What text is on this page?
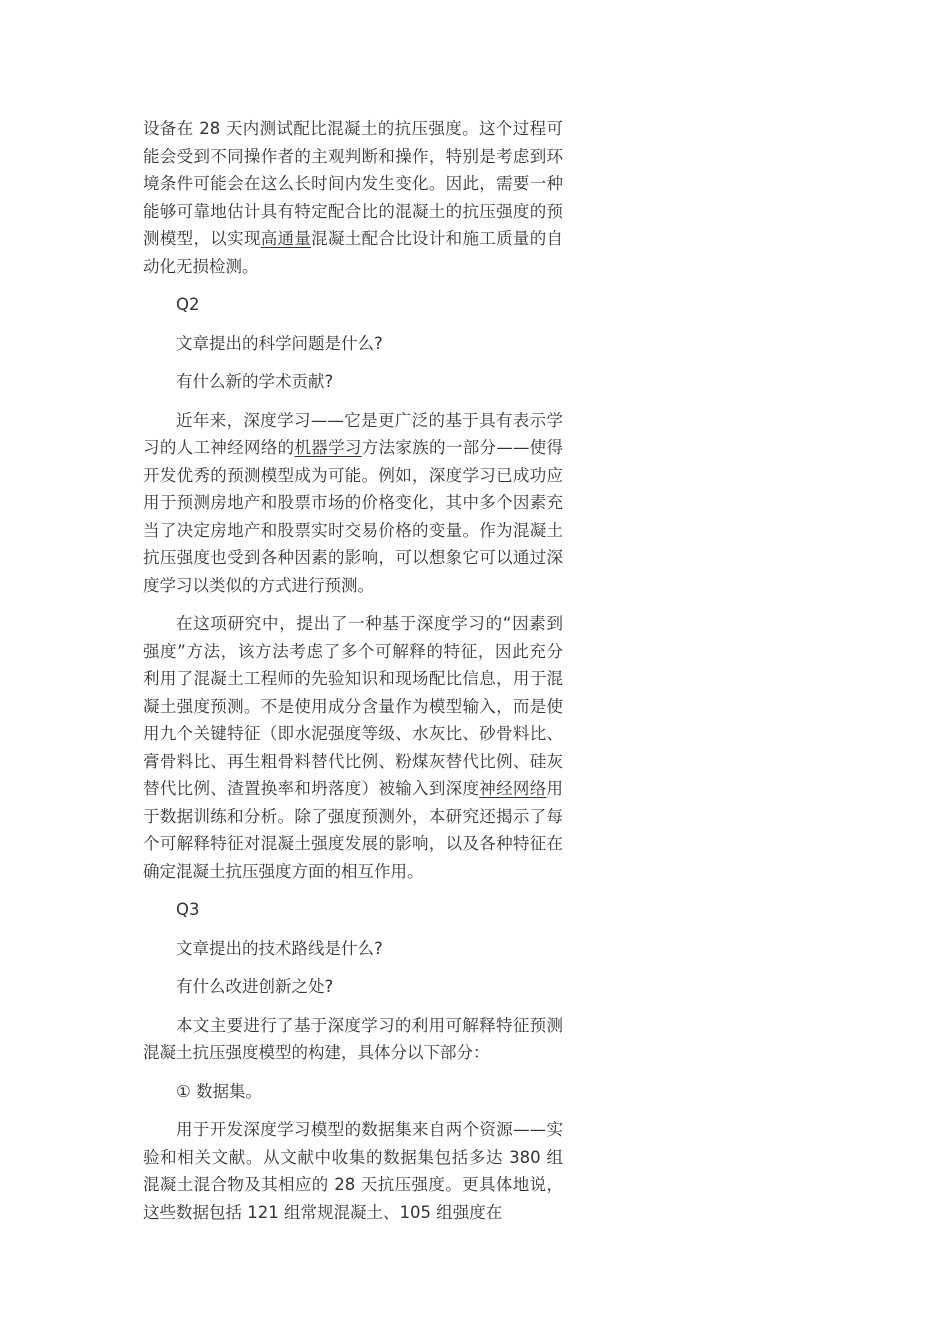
设备在 28 天内测试配比混凝土的抗压强度。这个过程可能会受到不同操作者的主观判断和操作，特别是考虑到环境条件可能会在这么长时间内发生变化。因此，需要一种能够可靠地估计具有特定配合比的混凝土的抗压强度的预测模型，以实现高通量混凝土配合比设计和施工质量的自动化无损检测。

Q2

文章提出的科学问题是什么?

有什么新的学术贡献?

近年来，深度学习——它是更广泛的基于具有表示学习的人工神经网络的机器学习方法家族的一部分——使得开发优秀的预测模型成为可能。例如，深度学习已成功应用于预测房地产和股票市场的价格变化，其中多个因素充当了决定房地产和股票实时交易价格的变量。作为混凝土抗压强度也受到各种因素的影响，可以想象它可以通过深度学习以类似的方式进行预测。

在这项研究中，提出了一种基于深度学习的“因素到强度”方法，该方法考虑了多个可解释的特征，因此充分利用了混凝土工程师的先验知识和现场配比信息，用于混凝土强度预测。不是使用成分含量作为模型输入，而是使用九个关键特征（即水泥强度等级、水灰比、砂骨料比、膏骨料比、再生粗骨料替代比例、粉煤灰替代比例、硅灰替代比例、渣置换率和坍落度）被输入到深度神经网络用于数据训练和分析。除了强度预测外，本研究还揭示了每个可解释特征对混凝土强度发展的影响，以及各种特征在确定混凝土抗压强度方面的相互作用。

Q3

文章提出的技术路线是什么?

有什么改进创新之处?

本文主要进行了基于深度学习的利用可解释特征预测混凝土抗压强度模型的构建，具体分以下部分：

① 数据集。

用于开发深度学习模型的数据集来自两个资源——实验和相关文献。从文献中收集的数据集包括多达 380 组混凝土混合物及其相应的 28 天抗压强度。更具体地说，这些数据包括 121 组常规混凝土、105 组强度在
